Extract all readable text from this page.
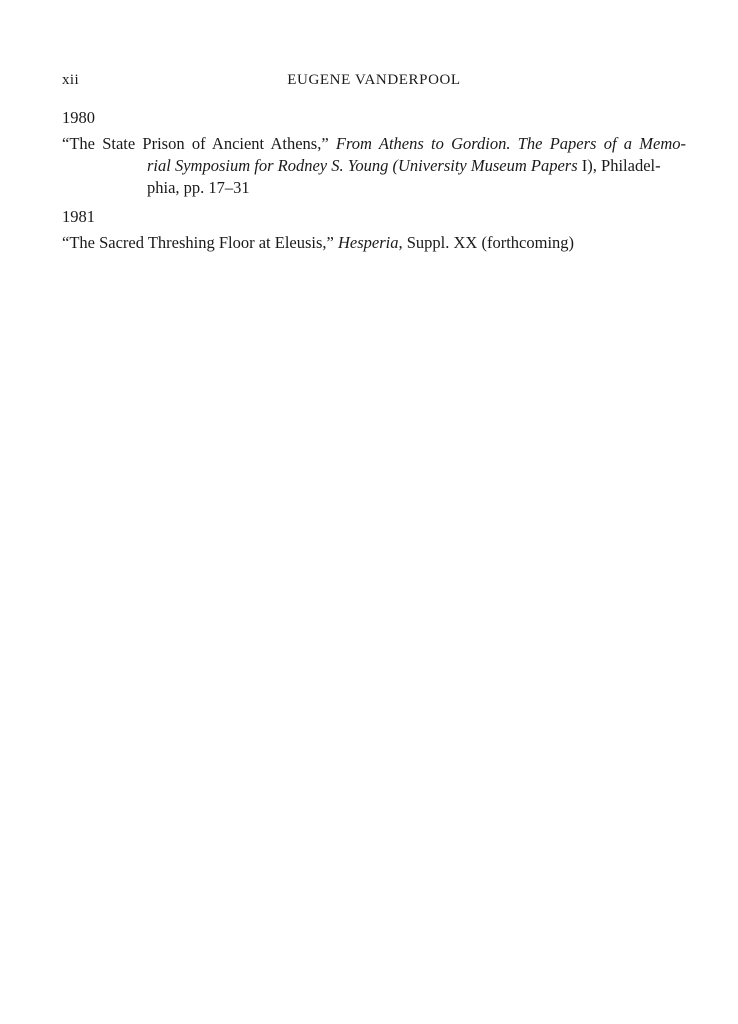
xii	EUGENE VANDERPOOL
1980
“The State Prison of Ancient Athens,” From Athens to Gordion. The Papers of a Memo-
rial Symposium for Rodney S. Young (University Museum Papers I), Philadel-
phia, pp. 17–31
1981
“The Sacred Threshing Floor at Eleusis,” Hesperia, Suppl. XX (forthcoming)
